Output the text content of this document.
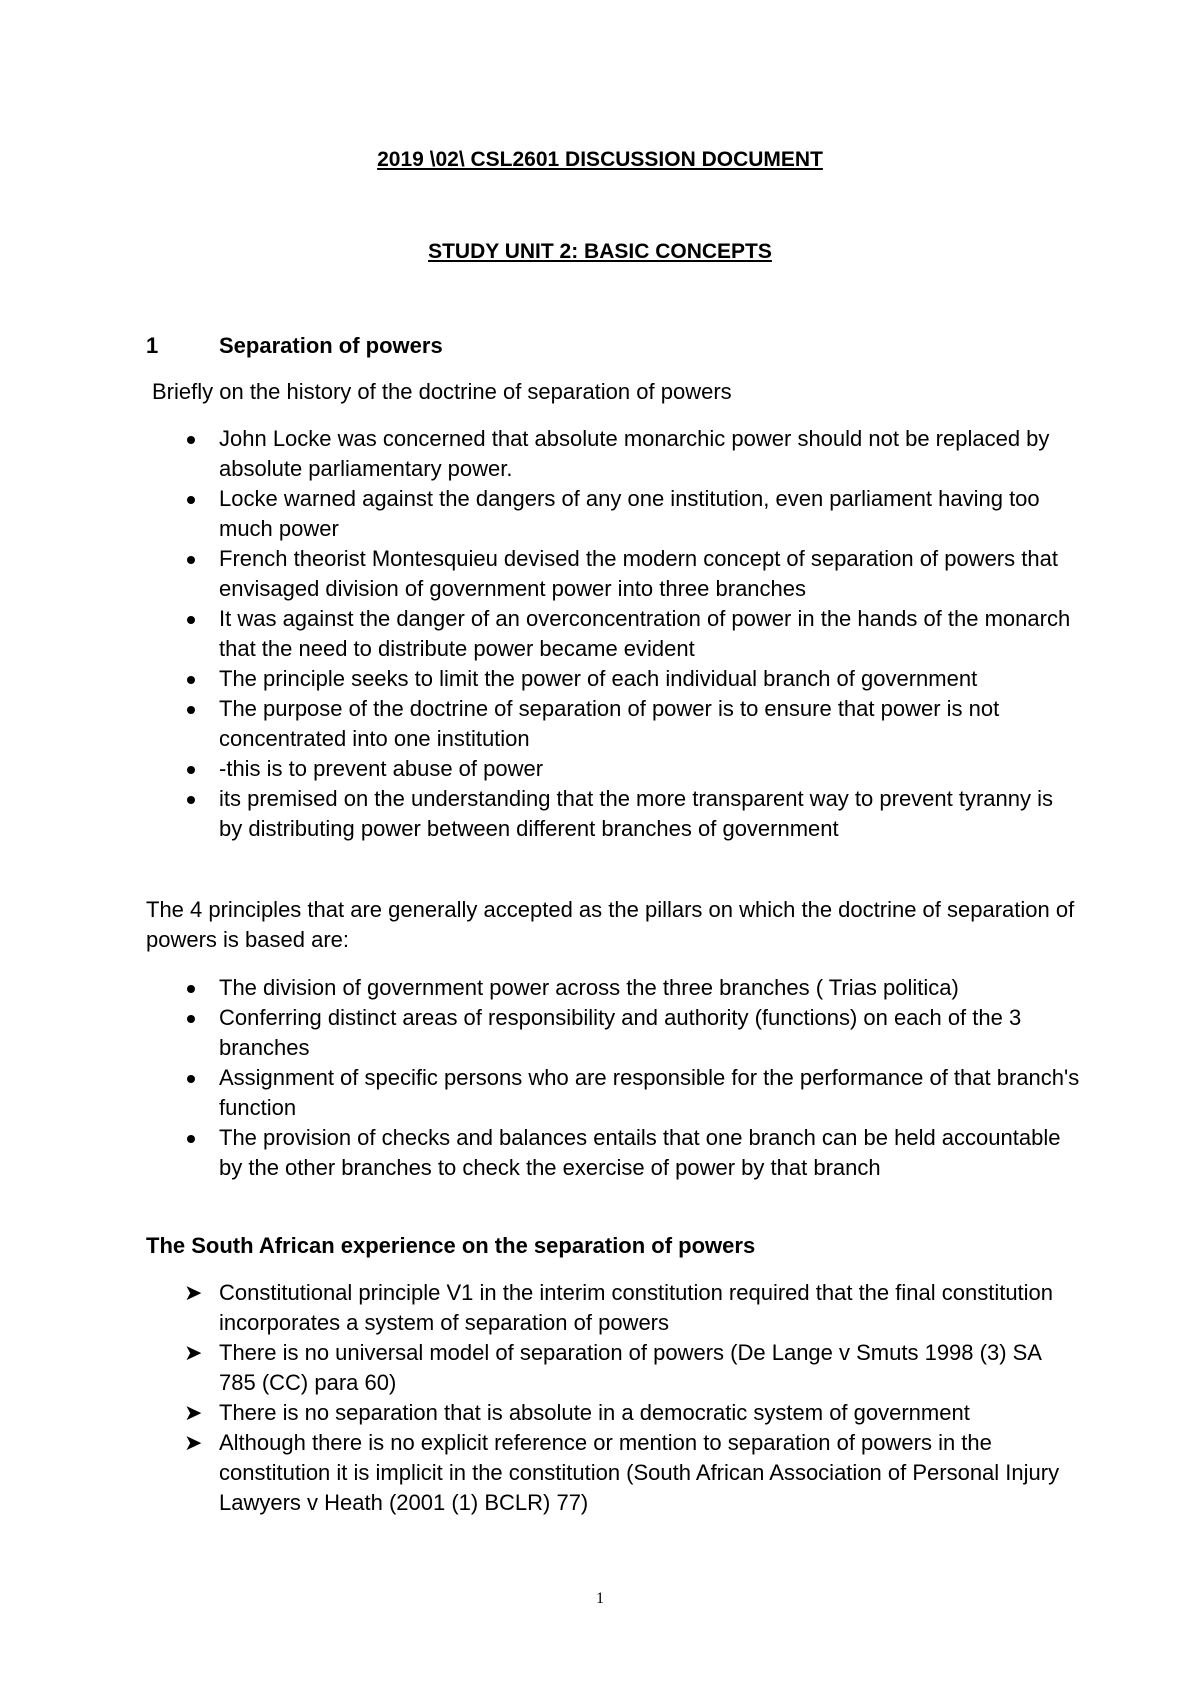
2019 \02\ CSL2601 DISCUSSION DOCUMENT
STUDY UNIT 2: BASIC CONCEPTS
1	Separation of powers
Briefly on the history of the doctrine of separation of powers
John Locke was concerned that absolute monarchic power should not be replaced by absolute parliamentary power.
Locke warned against the dangers of any one institution, even parliament having too much power
French theorist Montesquieu devised the modern concept of separation of powers that envisaged division of government power into three branches
It was against the danger of an overconcentration of power in the hands of the monarch that the need to distribute power became evident
The principle seeks to limit the power of each individual branch of government
The purpose of the doctrine of separation of power is to ensure that power is not concentrated into one institution
-this is to prevent abuse of power
its premised on the understanding that the more transparent way to prevent tyranny is by distributing power between different branches of government
The 4 principles that are generally accepted as the pillars on which the doctrine of separation of powers is based are:
The division of government power across the three branches ( Trias politica)
Conferring distinct areas of responsibility and authority (functions) on each of the 3 branches
Assignment of specific persons who are responsible for the performance of that branch's function
The provision of checks and balances entails that one branch can be held accountable by the other branches to check the exercise of power by that branch
The South African experience on the separation of powers
➤ Constitutional principle V1 in the interim constitution required that the final constitution incorporates a system of separation of powers
➤ There is no universal model of separation of powers (De Lange v Smuts 1998 (3) SA 785 (CC) para 60)
➤ There is no separation that is absolute in a democratic system of government
➤ Although there is no explicit reference or mention to separation of powers in the constitution it is implicit in the constitution (South African Association of Personal Injury Lawyers v Heath (2001 (1) BCLR) 77)
1
